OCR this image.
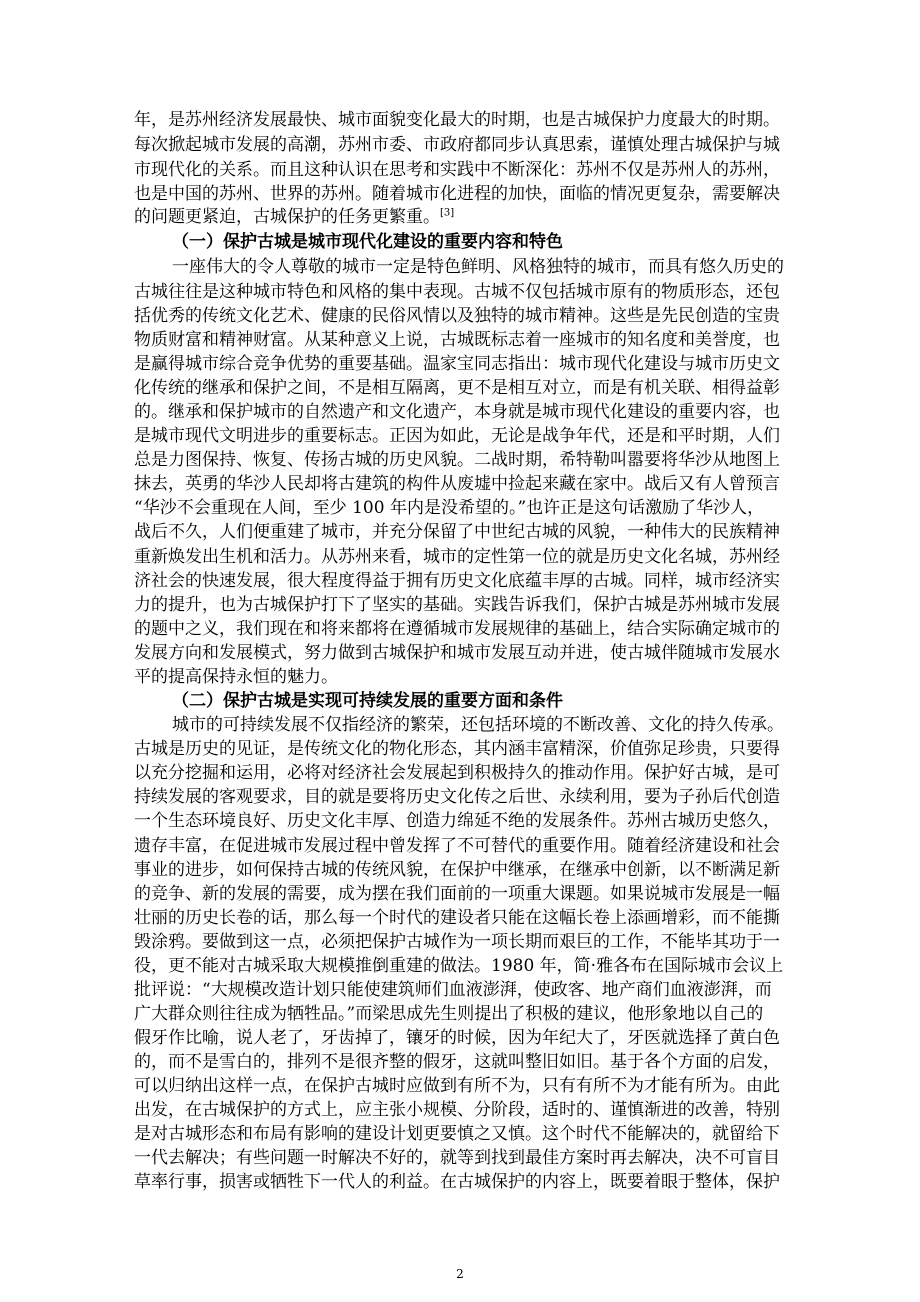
年，是苏州经济发展最快、城市面貌变化最大的时期，也是古城保护力度最大的时期。
每次掀起城市发展的高潮，苏州市委、市政府都同步认真思索，谨慎处理古城保护与城
市现代化的关系。而且这种认识在思考和实践中不断深化：苏州不仅是苏州人的苏州，
也是中国的苏州、世界的苏州。随着城市化进程的加快，面临的情况更复杂，需要解决
的问题更紧迫，古城保护的任务更繁重。[3]
（一）保护古城是城市现代化建设的重要内容和特色
一座伟大的令人尊敬的城市一定是特色鲜明、风格独特的城市，而具有悠久历史的
古城往往是这种城市特色和风格的集中表现。古城不仅包括城市原有的物质形态，还包
括优秀的传统文化艺术、健康的民俗风情以及独特的城市精神。这些是先民创造的宝贵
物质财富和精神财富。从某种意义上说，古城既标志着一座城市的知名度和美誉度，也
是赢得城市综合竞争优势的重要基础。温家宝同志指出：城市现代化建设与城市历史文
化传统的继承和保护之间，不是相互隔离，更不是相互对立，而是有机关联、相得益彰
的。继承和保护城市的自然遗产和文化遗产，本身就是城市现代化建设的重要内容，也
是城市现代文明进步的重要标志。正因为如此，无论是战争年代，还是和平时期，人们
总是力图保持、恢复、传扬古城的历史风貌。二战时期，希特勒叫嚣要将华沙从地图上
抹去，英勇的华沙人民却将古建筑的构件从废墟中捡起来藏在家中。战后又有人曾预言
“华沙不会重现在人间，至少 100 年内是没希望的。”也许正是这句话激励了华沙人，
战后不久，人们便重建了城市，并充分保留了中世纪古城的风貌，一种伟大的民族精神
重新焕发出生机和活力。从苏州来看，城市的定性第一位的就是历史文化名城，苏州经
济社会的快速发展，很大程度得益于拥有历史文化底蕴丰厚的古城。同样，城市经济实
力的提升，也为古城保护打下了坚实的基础。实践告诉我们，保护古城是苏州城市发展
的题中之义，我们现在和将来都将在遵循城市发展规律的基础上，结合实际确定城市的
发展方向和发展模式，努力做到古城保护和城市发展互动并进，使古城伴随城市发展水
平的提高保持永恒的魅力。
（二）保护古城是实现可持续发展的重要方面和条件
城市的可持续发展不仅指经济的繁荣，还包括环境的不断改善、文化的持久传承。
古城是历史的见证，是传统文化的物化形态，其内涵丰富精深，价值弥足珍贵，只要得
以充分挖掘和运用，必将对经济社会发展起到积极持久的推动作用。保护好古城，是可
持续发展的客观要求，目的就是要将历史文化传之后世、永续利用，要为子孙后代创造
一个生态环境良好、历史文化丰厚、创造力绵延不绝的发展条件。苏州古城历史悠久，
遗存丰富，在促进城市发展过程中曾发挥了不可替代的重要作用。随着经济建设和社会
事业的进步，如何保持古城的传统风貌，在保护中继承，在继承中创新，以不断满足新
的竞争、新的发展的需要，成为摆在我们面前的一项重大课题。如果说城市发展是一幅
壮丽的历史长卷的话，那么每一个时代的建设者只能在这幅长卷上添画增彩，而不能撕
毁涂鸦。要做到这一点，必须把保护古城作为一项长期而艰巨的工作，不能毕其功于一
役，更不能对古城采取大规模推倒重建的做法。1980 年，简·雅各布在国际城市会议上
批评说：“大规模改造计划只能使建筑师们血液澎湃，使政客、地产商们血液澎湃，而
广大群众则往往成为牺牲品。”而梁思成先生则提出了积极的建议，他形象地以自己的
假牙作比喻，说人老了，牙齿掉了，镶牙的时候，因为年纪大了，牙医就选择了黄白色
的，而不是雪白的，排列不是很齐整的假牙，这就叫整旧如旧。基于各个方面的启发，
可以归纳出这样一点，在保护古城时应做到有所不为，只有有所不为才能有所为。由此
出发，在古城保护的方式上，应主张小规模、分阶段，适时的、谨慎渐进的改善，特别
是对古城形态和布局有影响的建设计划更要慎之又慎。这个时代不能解决的，就留给下
一代去解决；有些问题一时解决不好的，就等到找到最佳方案时再去解决，决不可盲目
草率行事，损害或牺牲下一代人的利益。在古城保护的内容上，既要着眼于整体，保护
2
